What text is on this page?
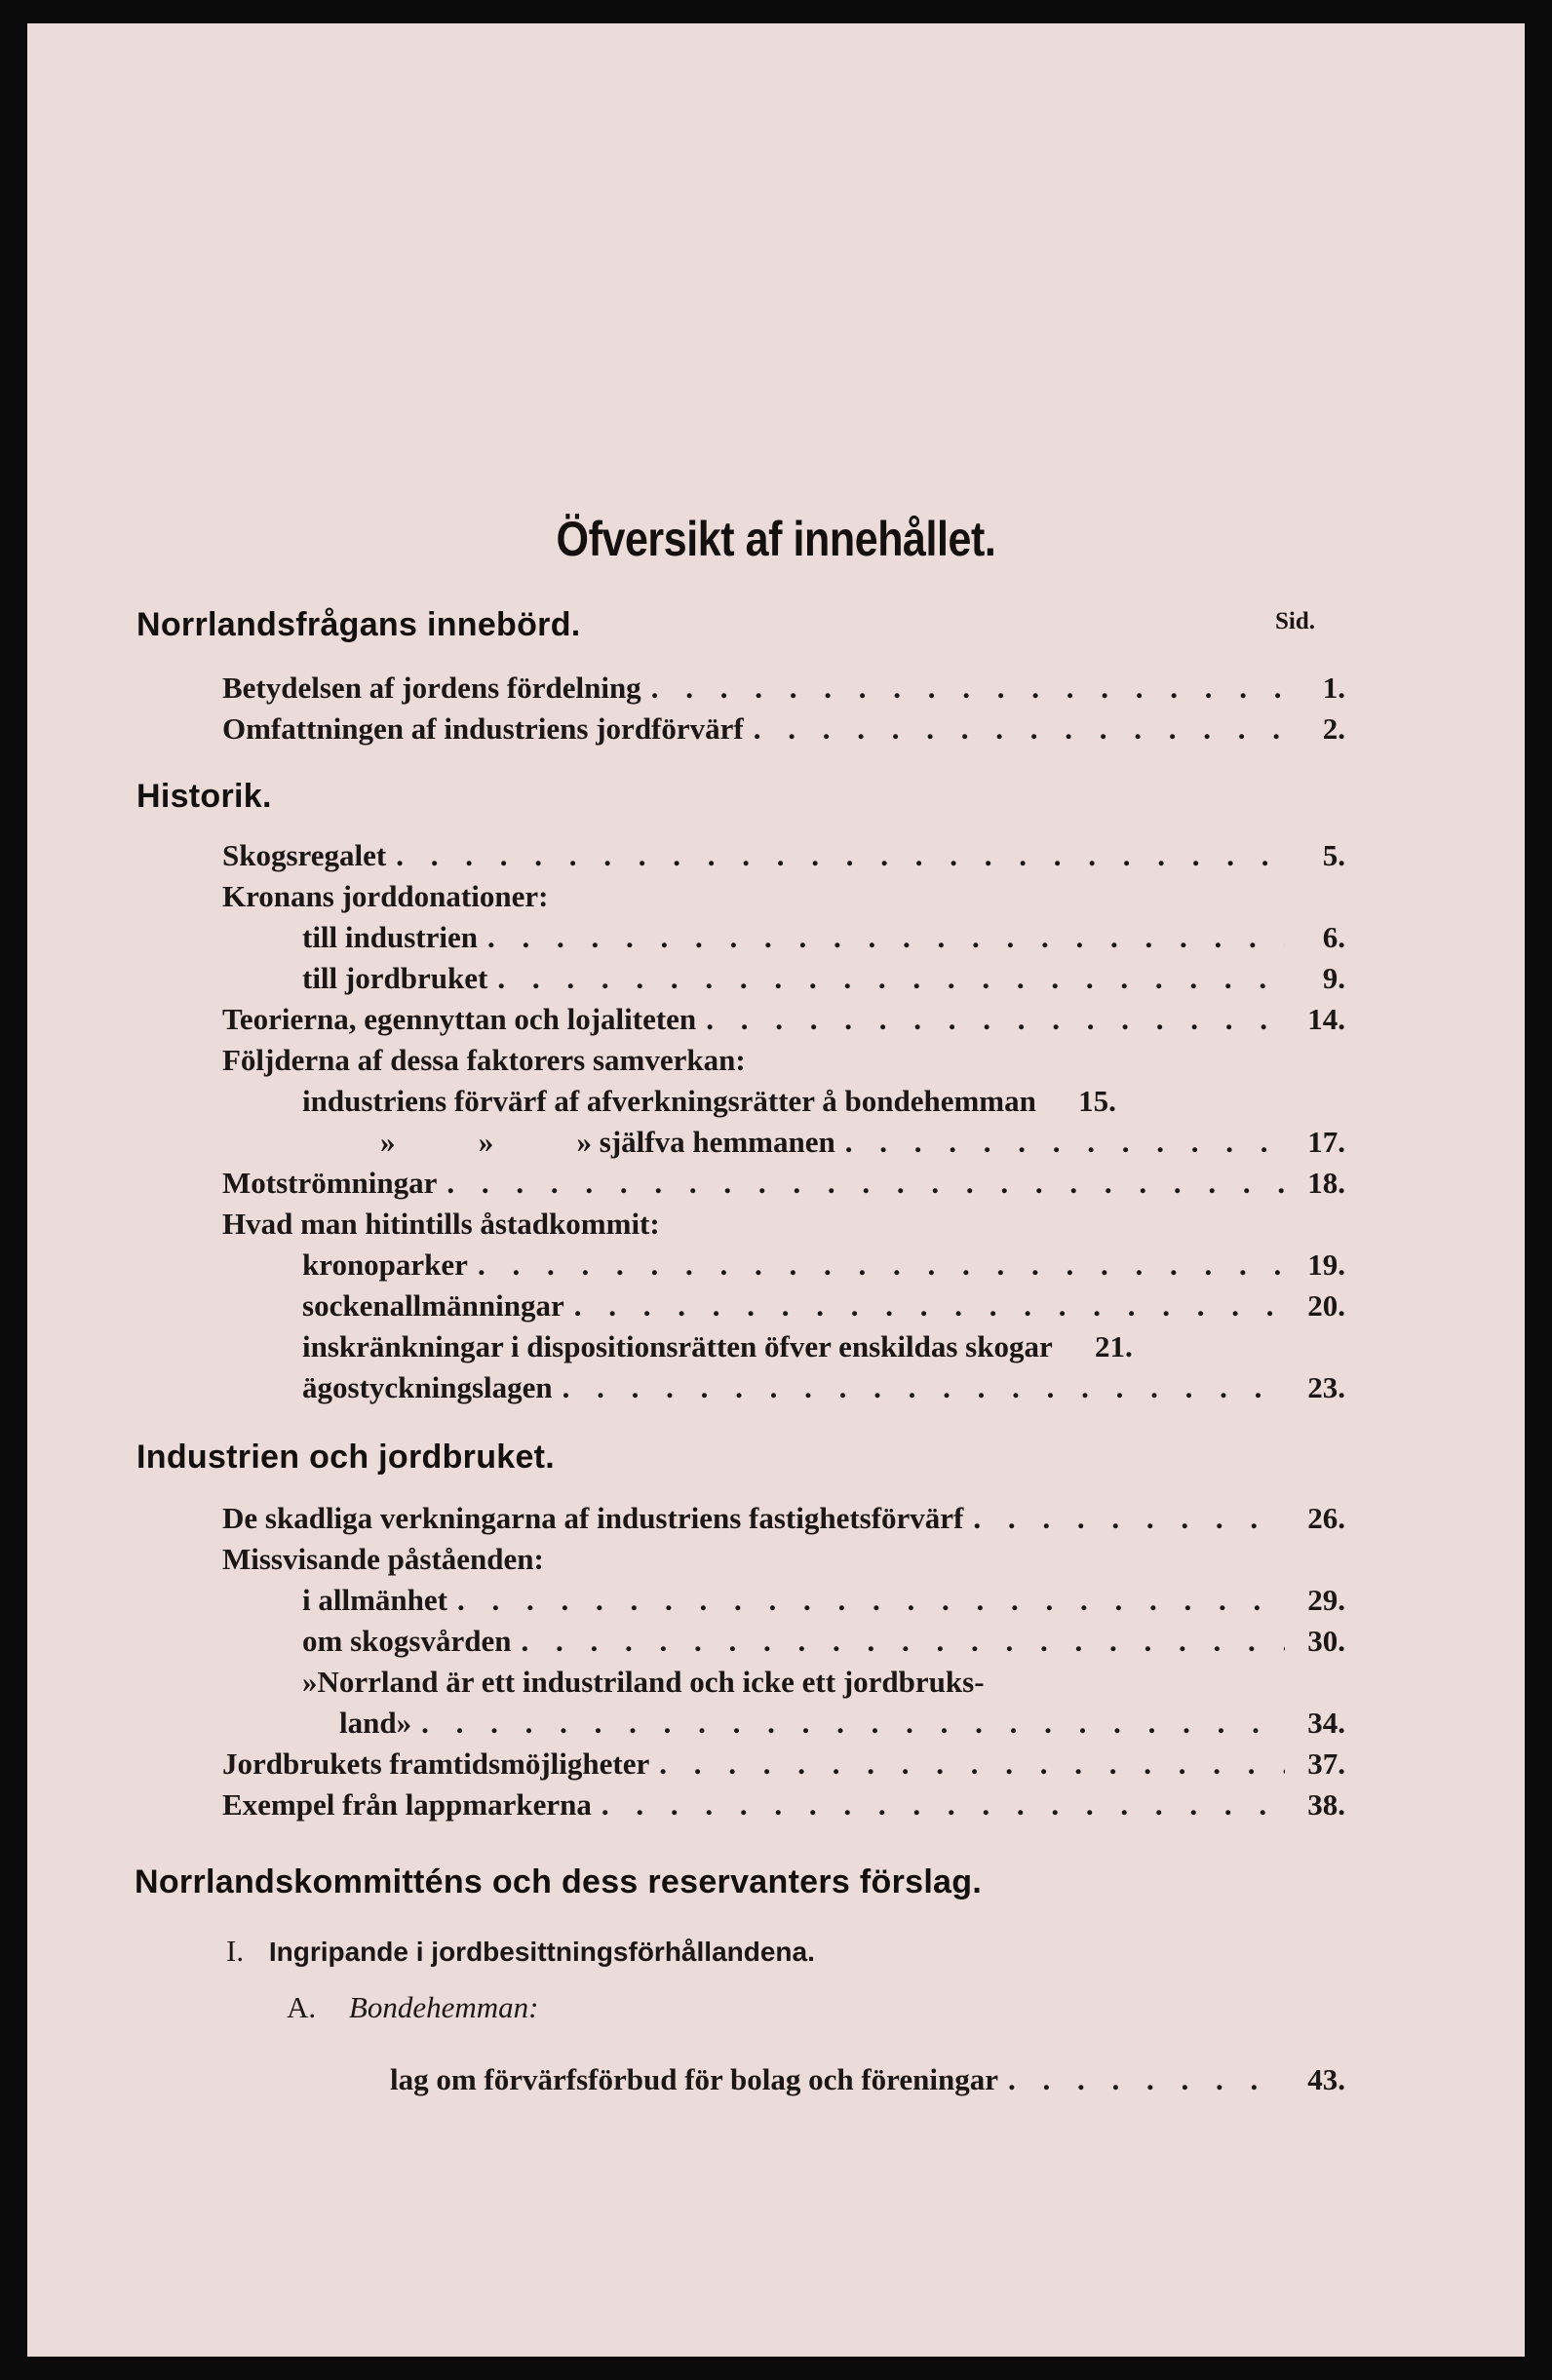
Öfversikt af innehållet.
Sid.
Norrlandsfrågans innebörd.
Betydelsen af jordens fördelning . . .	1.
Omfattningen af industriens jordförvärf . . .	2.
Historik.
Skogsregalet . . .	5.
Kronans jorddonationer:
till industrien . . .	6.
till jordbruket . . .	9.
Teorierna, egennyttan och lojaliteten . . .	14.
Följderna af dessa faktorers samverkan:
industriens förvärf af afverkningsrätter å bondehemman	15.
»           »           » själfva hemmanen . . .	17.
Motströmningar . . .	18.
Hvad man hitintills åstadkommit:
kronoparker . . .	19.
sockenallmänningar . . .	20.
inskränkningar i dispositionsrätten öfver enskildas skogar	21.
ägostyckningslagen . . .	23.
Industrien och jordbruket.
De skadliga verkningarna af industriens fastighetsförvärf . . .	26.
Missvisande påståenden:
i allmänhet . . .	29.
om skogsvården . . .	30.
»Norrland är ett industriland och icke ett jordbruks-
land» . . .	34.
Jordbrukets framtidsmöjligheter . . .	37.
Exempel från lappmarkerna . . .	38.
Norrlandskommitténs och dess reservanters förslag.
I. Ingripande i jordbesittningsförhållandena.
A. Bondehemman:
lag om förvärfsförbud för bolag och föreningar . . .	43.
